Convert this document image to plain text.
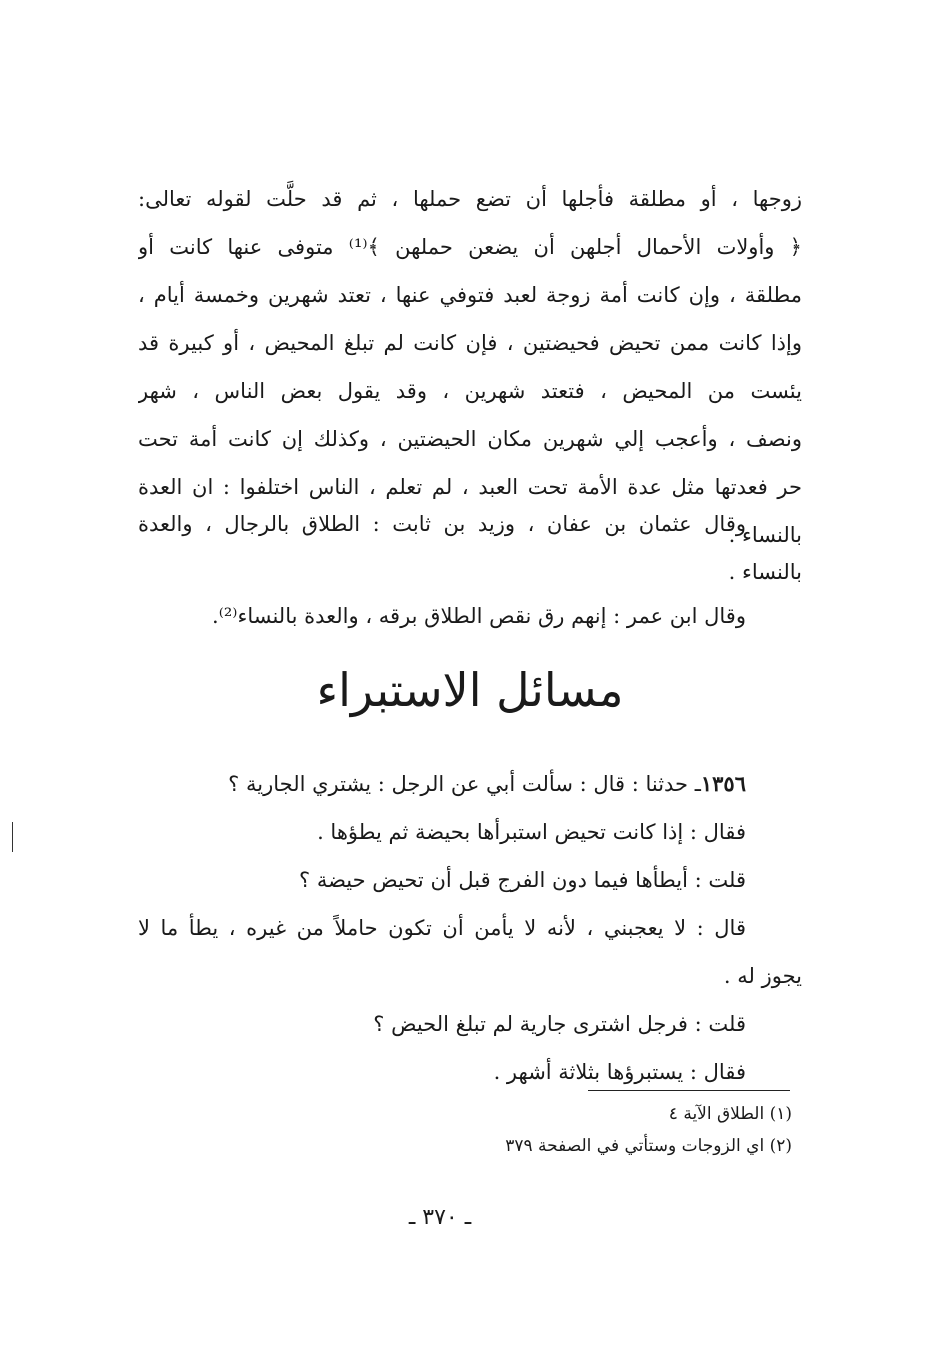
زوجها ، أو مطلقة فأجلها أن تضع حملها ، ثم قد حلَّت لقوله تعالى:
﴿ وأولات الأحمال أجلهن أن يضعن حملهن ﴾⁽¹⁾ متوفى عنها كانت أو
مطلقة ، وإن كانت أمة زوجة لعبد فتوفي عنها ، تعتد شهرين وخمسة أيام ،
وإذا كانت ممن تحيض فحيضتين ، فإن كانت لم تبلغ المحيض ، أو كبيرة قد
يئست من المحيض ، فتعتد شهرين ، وقد يقول بعض الناس ، شهر
ونصف ، وأعجب إلي شهرين مكان الحيضتين ، وكذلك إن كانت أمة تحت
حر فعدتها مثل عدة الأمة تحت العبد ، لم تعلم ، الناس اختلفوا : ان العدة
بالنساء .
وقال عثمان بن عفان ، وزيد بن ثابت : الطلاق بالرجال ، والعدة
بالنساء .
وقال ابن عمر : إنهم رق نقص الطلاق برقه ، والعدة بالنساء⁽²⁾.
مسائل الاستبراء
١٣٥٦ـ حدثنا : قال : سألت أبي عن الرجل : يشتري الجارية ؟
فقال : إذا كانت تحيض استبرأها بحيضة ثم يطؤها .
قلت : أيطأها فيما دون الفرج قبل أن تحيض حيضة ؟
قال : لا يعجبني ، لأنه لا يأمن أن تكون حاملاً من غيره ، يطأ ما لا
يجوز له .
قلت : فرجل اشترى جارية لم تبلغ الحيض ؟
فقال : يستبرؤها بثلاثة أشهر .
(١) الطلاق الآية ٤
(٢) اي الزوجات وستأتي في الصفحة ٣٧٩
ـ ٣٧٠ ـ
